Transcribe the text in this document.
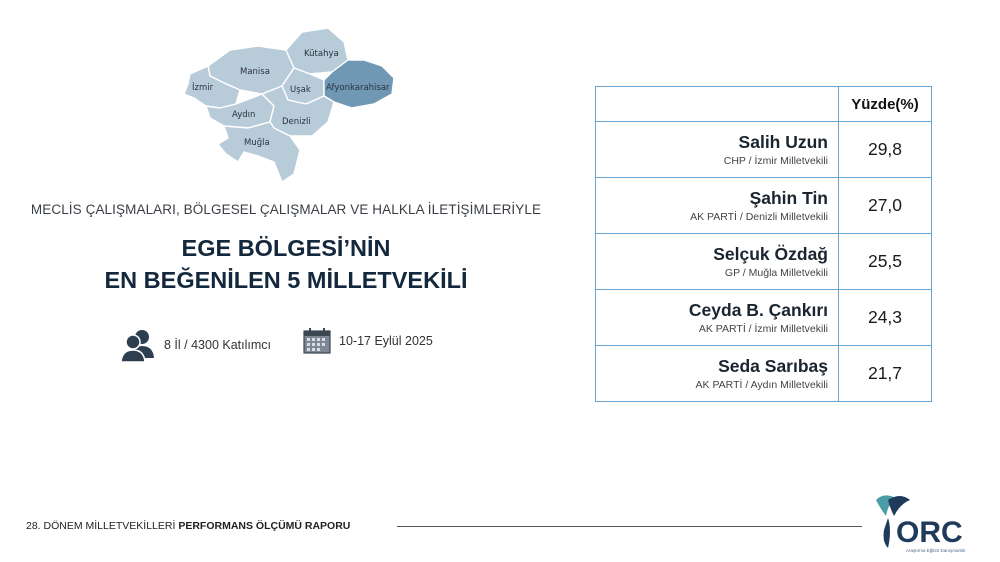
Manisa
Kütahya
İzmir	Uşak Afyonkarahisar
Aydın
Denizli
Muğla
MECLİS ÇALIŞMALARI, BÖLGESEL ÇALIŞMALAR VE HALKLA İLETİŞİMLERİYLE
EGE BÖLGESİ’NİN
EN BEĞENİLEN 5 MİLLETVEKİLİ
8 İl / 4300 Katılımcı	10-17 Eylül 2025
	Yüzde(%)

Salih Uzun
CHP / İzmir Milletvekili	29,8

Şahin Tin
AK PARTİ / Denizli Milletvekili	27,0

Selçuk Özdağ
GP / Muğla Milletvekili	25,5

Ceyda B. Çankırı
AK PARTİ / İzmir Milletvekili	24,3

Seda Sarıbaş
AK PARTİ / Aydın Milletvekili	21,7
28. DÖNEM MİLLETVEKİLLERİ PERFORMANS ÖLÇÜMÜ RAPORU	ORC
Araştırma Eğitim Danışmanlık
